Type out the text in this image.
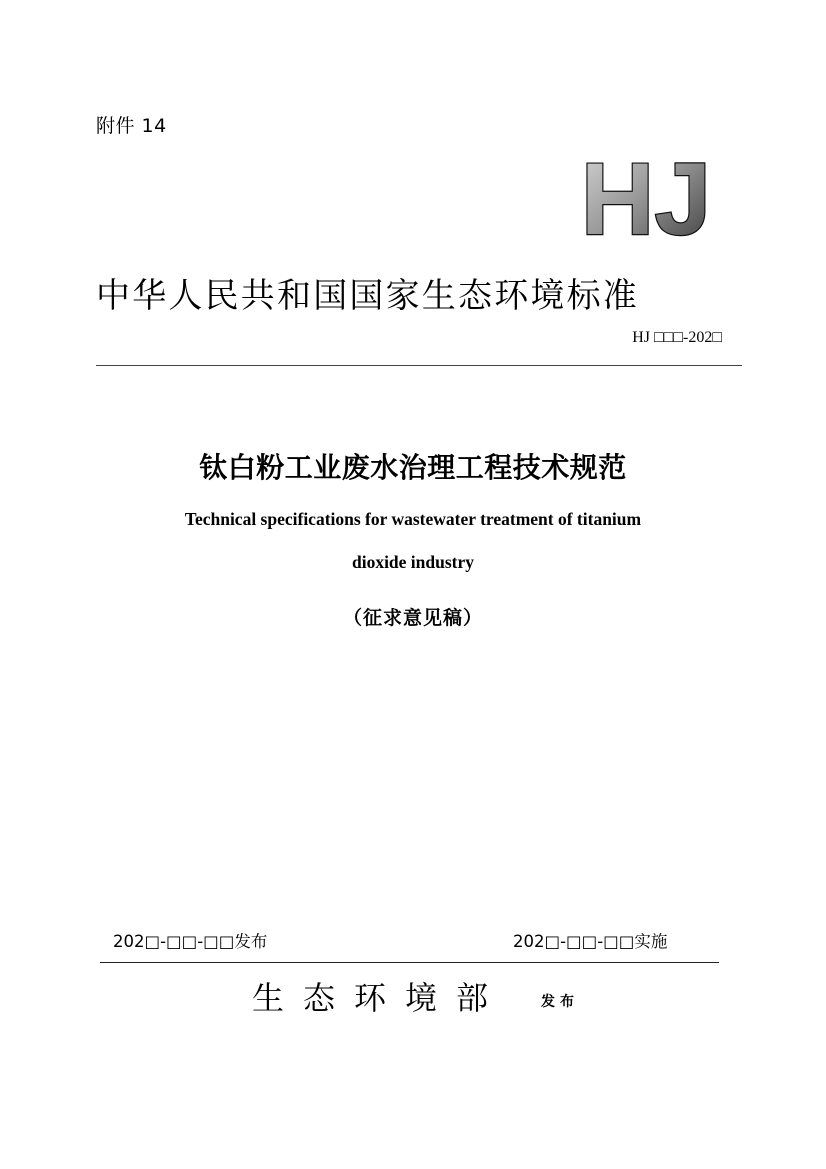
附件 14
HJ
中华人民共和国国家生态环境标准
HJ □□□-202□
钛白粉工业废水治理工程技术规范
Technical specifications for wastewater treatment of titanium
dioxide industry
（征求意见稿）
202□-□□-□□发布	202□-□□-□□实施
生态环境部 发布
